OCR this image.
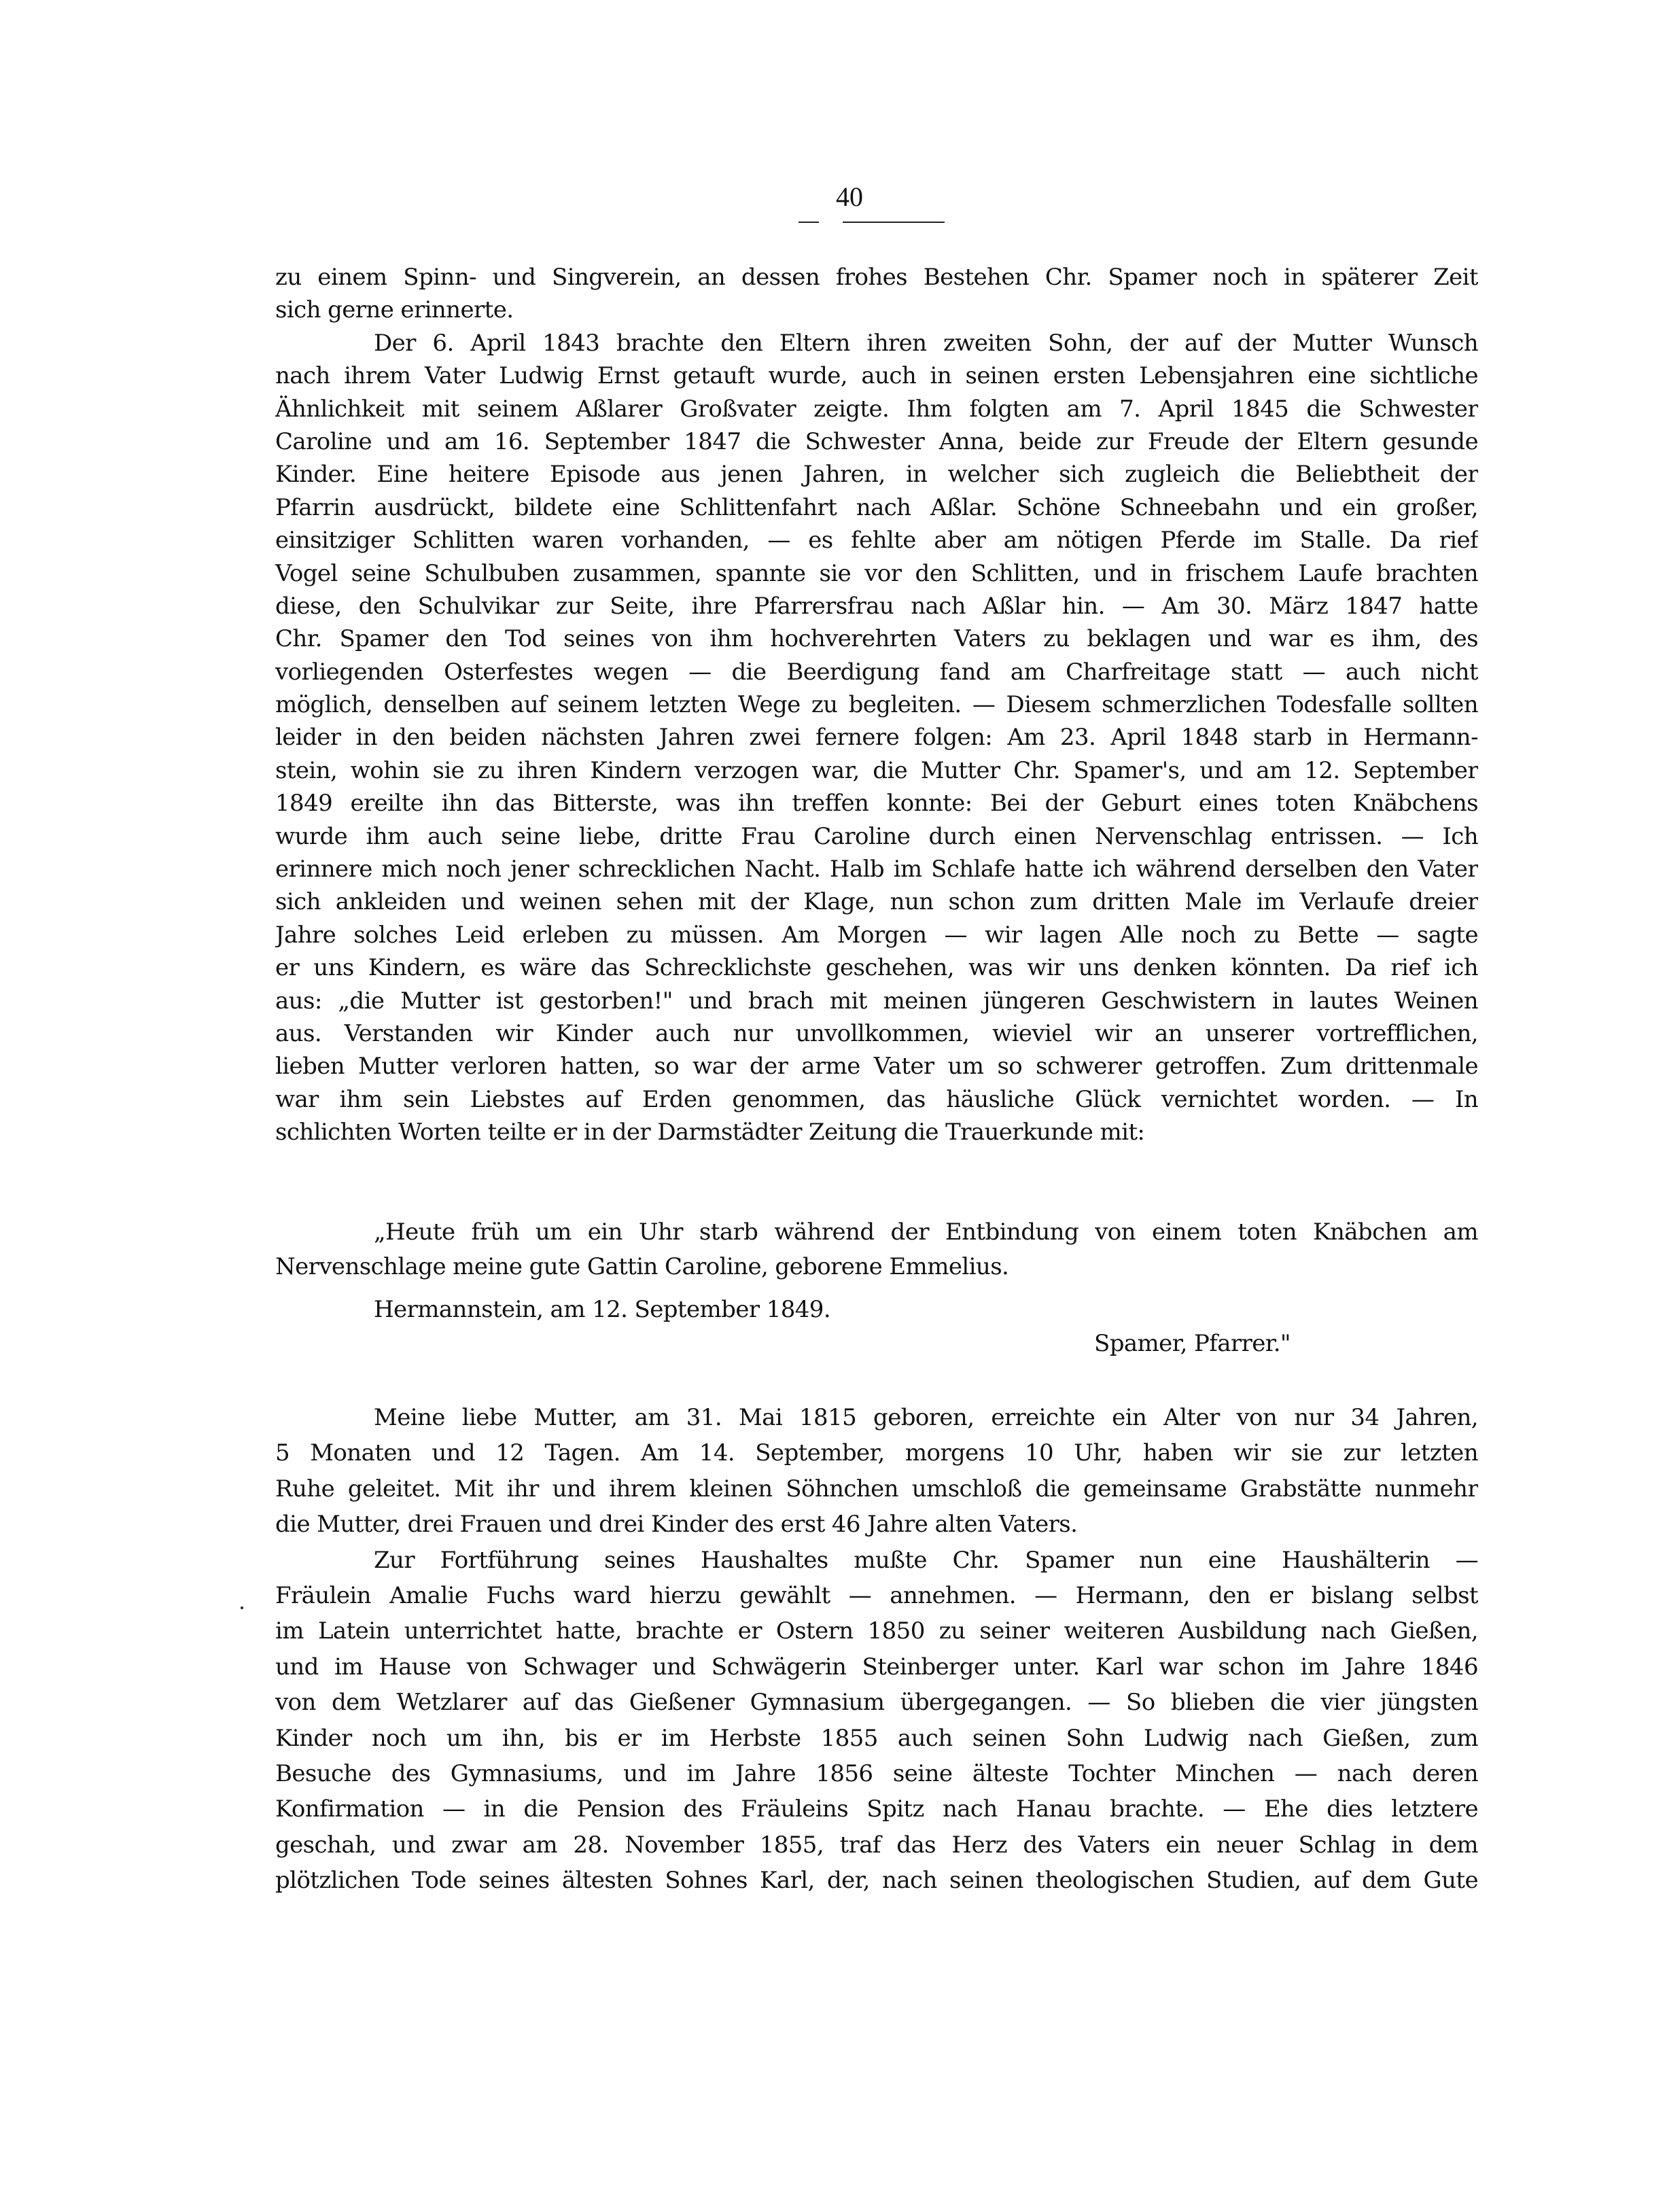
40
zu einem Spinn- und Singverein, an dessen frohes Bestehen Chr. Spamer noch in späterer Zeit
sich gerne erinnerte.
Der 6. April 1843 brachte den Eltern ihren zweiten Sohn, der auf der Mutter Wunsch
nach ihrem Vater Ludwig Ernst getauft wurde, auch in seinen ersten Lebensjahren eine sichtliche
Ähnlichkeit mit seinem Aßlarer Großvater zeigte. Ihm folgten am 7. April 1845 die Schwester
Caroline und am 16. September 1847 die Schwester Anna, beide zur Freude der Eltern gesunde
Kinder. Eine heitere Episode aus jenen Jahren, in welcher sich zugleich die Beliebtheit der
Pfarrin ausdrückt, bildete eine Schlittenfahrt nach Aßlar. Schöne Schneebahn und ein großer,
einsitziger Schlitten waren vorhanden, — es fehlte aber am nötigen Pferde im Stalle. Da rief
Vogel seine Schulbuben zusammen, spannte sie vor den Schlitten, und in frischem Laufe brachten
diese, den Schulvikar zur Seite, ihre Pfarrersfrau nach Aßlar hin. — Am 30. März 1847 hatte
Chr. Spamer den Tod seines von ihm hochverehrten Vaters zu beklagen und war es ihm, des
vorliegenden Osterfestes wegen — die Beerdigung fand am Charfreitage statt — auch nicht
möglich, denselben auf seinem letzten Wege zu begleiten. — Diesem schmerzlichen Todesfalle sollten
leider in den beiden nächsten Jahren zwei fernere folgen: Am 23. April 1848 starb in Hermann-
stein, wohin sie zu ihren Kindern verzogen war, die Mutter Chr. Spamer's, und am 12. September
1849 ereilte ihn das Bitterste, was ihn treffen konnte: Bei der Geburt eines toten Knäbchens
wurde ihm auch seine liebe, dritte Frau Caroline durch einen Nervenschlag entrissen. — Ich
erinnere mich noch jener schrecklichen Nacht. Halb im Schlafe hatte ich während derselben den Vater
sich ankleiden und weinen sehen mit der Klage, nun schon zum dritten Male im Verlaufe dreier
Jahre solches Leid erleben zu müssen. Am Morgen — wir lagen Alle noch zu Bette — sagte
er uns Kindern, es wäre das Schrecklichste geschehen, was wir uns denken könnten. Da rief ich
aus: „die Mutter ist gestorben!" und brach mit meinen jüngeren Geschwistern in lautes Weinen
aus. Verstanden wir Kinder auch nur unvollkommen, wieviel wir an unserer vortrefflichen,
lieben Mutter verloren hatten, so war der arme Vater um so schwerer getroffen. Zum drittenmale
war ihm sein Liebstes auf Erden genommen, das häusliche Glück vernichtet worden. — In
schlichten Worten teilte er in der Darmstädter Zeitung die Trauerkunde mit:
„Heute früh um ein Uhr starb während der Entbindung von einem toten Knäbchen am
Nervenschlage meine gute Gattin Caroline, geborene Emmelius.
Hermannstein, am 12. September 1849.
Spamer, Pfarrer."
Meine liebe Mutter, am 31. Mai 1815 geboren, erreichte ein Alter von nur 34 Jahren,
5 Monaten und 12 Tagen. Am 14. September, morgens 10 Uhr, haben wir sie zur letzten
Ruhe geleitet. Mit ihr und ihrem kleinen Söhnchen umschloß die gemeinsame Grabstätte nunmehr
die Mutter, drei Frauen und drei Kinder des erst 46 Jahre alten Vaters.
Zur Fortführung seines Haushaltes mußte Chr. Spamer nun eine Haushälterin —
Fräulein Amalie Fuchs ward hierzu gewählt — annehmen. — Hermann, den er bislang selbst
im Latein unterrichtet hatte, brachte er Ostern 1850 zu seiner weiteren Ausbildung nach Gießen,
und im Hause von Schwager und Schwägerin Steinberger unter. Karl war schon im Jahre 1846
von dem Wetzlarer auf das Gießener Gymnasium übergegangen. — So blieben die vier jüngsten
Kinder noch um ihn, bis er im Herbste 1855 auch seinen Sohn Ludwig nach Gießen, zum
Besuche des Gymnasiums, und im Jahre 1856 seine älteste Tochter Minchen — nach deren
Konfirmation — in die Pension des Fräuleins Spitz nach Hanau brachte. — Ehe dies letztere
geschah, und zwar am 28. November 1855, traf das Herz des Vaters ein neuer Schlag in dem
plötzlichen Tode seines ältesten Sohnes Karl, der, nach seinen theologischen Studien, auf dem Gute
